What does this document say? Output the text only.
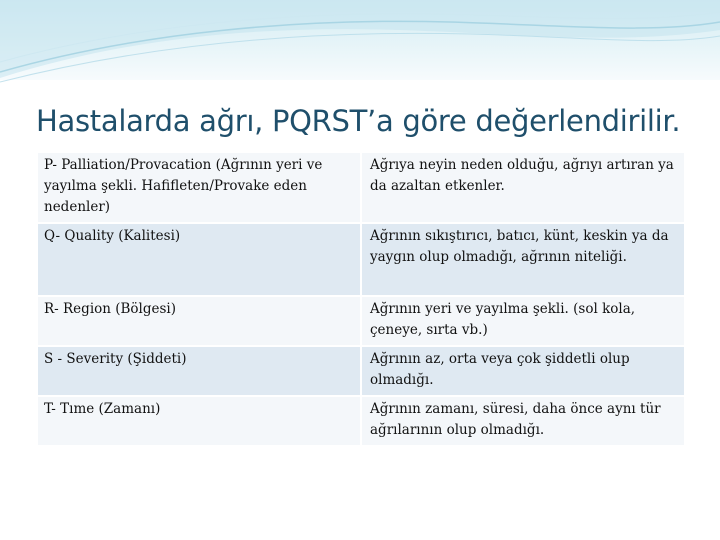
Hastalarda ağrı, PQRST’a göre değerlendirilir.
P- Palliation/Provacation (Ağrının yeri ve yayılma şekli. Hafifleten/Provake eden nedenler)	Ağrıya neyin neden olduğu, ağrıyı artıran ya da azaltan etkenler.
Q- Quality (Kalitesi)	Ağrının sıkıştırıcı, batıcı, künt, keskin ya da yaygın olup olmadığı, ağrının niteliği.
R- Region (Bölgesi)	Ağrının yeri ve yayılma şekli. (sol kola, çeneye, sırta vb.)
S - Severity (Şiddeti)	Ağrının az, orta veya çok şiddetli olup olmadığı.
T- Tıme (Zamanı)	Ağrının zamanı, süresi, daha önce aynı tür ağrılarının olup olmadığı.
